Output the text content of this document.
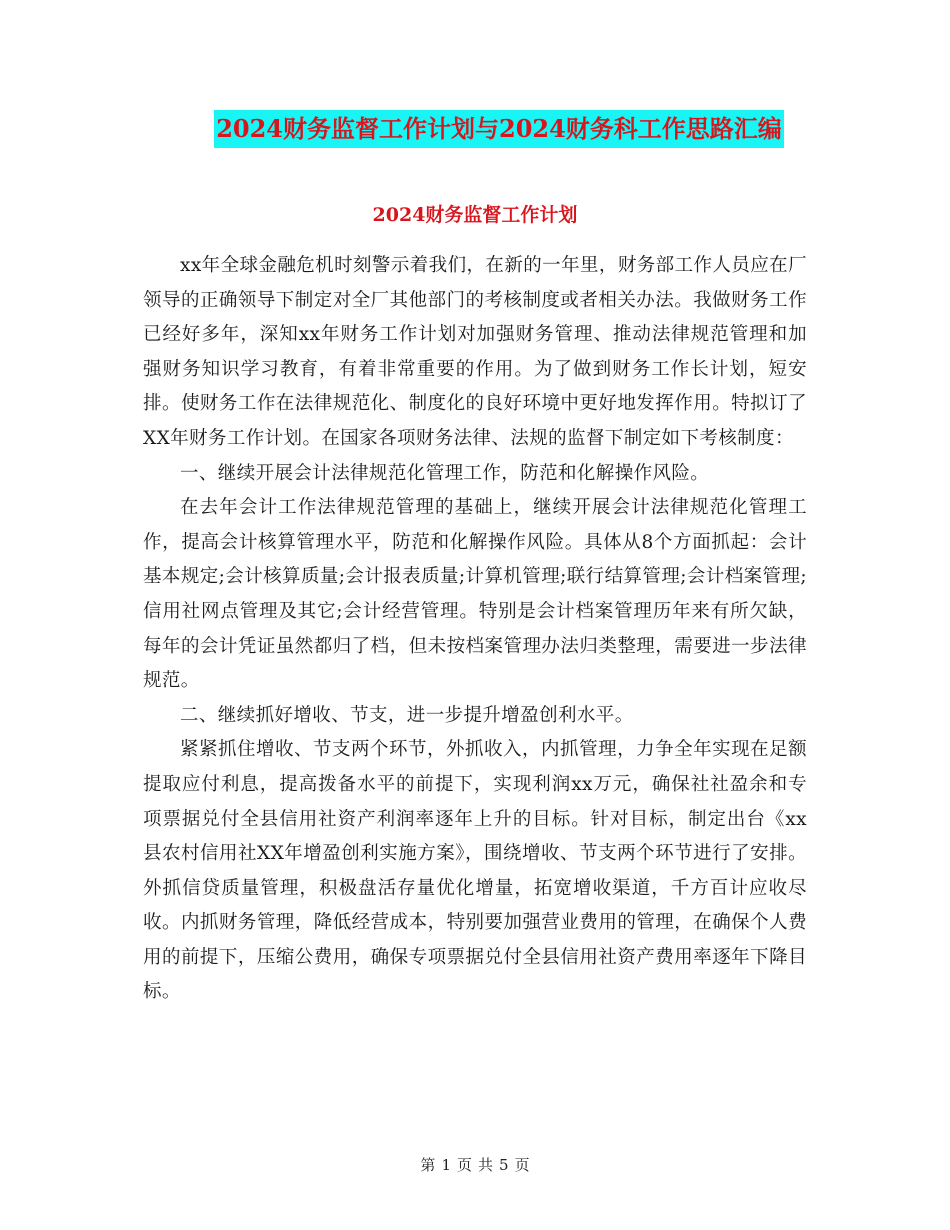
2024财务监督工作计划与2024财务科工作思路汇编
2024财务监督工作计划

xx年全球金融危机时刻警示着我们，在新的一年里，财务部工作人员应在厂领导的正确领导下制定对全厂其他部门的考核制度或者相关办法。我做财务工作已经好多年，深知xx年财务工作计划对加强财务管理、推动法律规范管理和加强财务知识学习教育，有着非常重要的作用。为了做到财务工作长计划，短安排。使财务工作在法律规范化、制度化的良好环境中更好地发挥作用。特拟订了XX年财务工作计划。在国家各项财务法律、法规的监督下制定如下考核制度：

一、继续开展会计法律规范化管理工作，防范和化解操作风险。

在去年会计工作法律规范管理的基础上，继续开展会计法律规范化管理工作，提高会计核算管理水平，防范和化解操作风险。具体从8个方面抓起：会计基本规定;会计核算质量;会计报表质量;计算机管理;联行结算管理;会计档案管理;信用社网点管理及其它;会计经营管理。特别是会计档案管理历年来有所欠缺，每年的会计凭证虽然都归了档，但未按档案管理办法归类整理，需要进一步法律规范。

二、继续抓好增收、节支，进一步提升增盈创利水平。

紧紧抓住增收、节支两个环节，外抓收入，内抓管理，力争全年实现在足额提取应付利息，提高拨备水平的前提下，实现利润xx万元，确保社社盈余和专项票据兑付全县信用社资产利润率逐年上升的目标。针对目标，制定出台《xx县农村信用社XX年增盈创利实施方案》，围绕增收、节支两个环节进行了安排。外抓信贷质量管理，积极盘活存量优化增量，拓宽增收渠道，千方百计应收尽收。内抓财务管理，降低经营成本，特别要加强营业费用的管理，在确保个人费用的前提下，压缩公费用，确保专项票据兑付全县信用社资产费用率逐年下降目标。

第 1 页 共 5 页
